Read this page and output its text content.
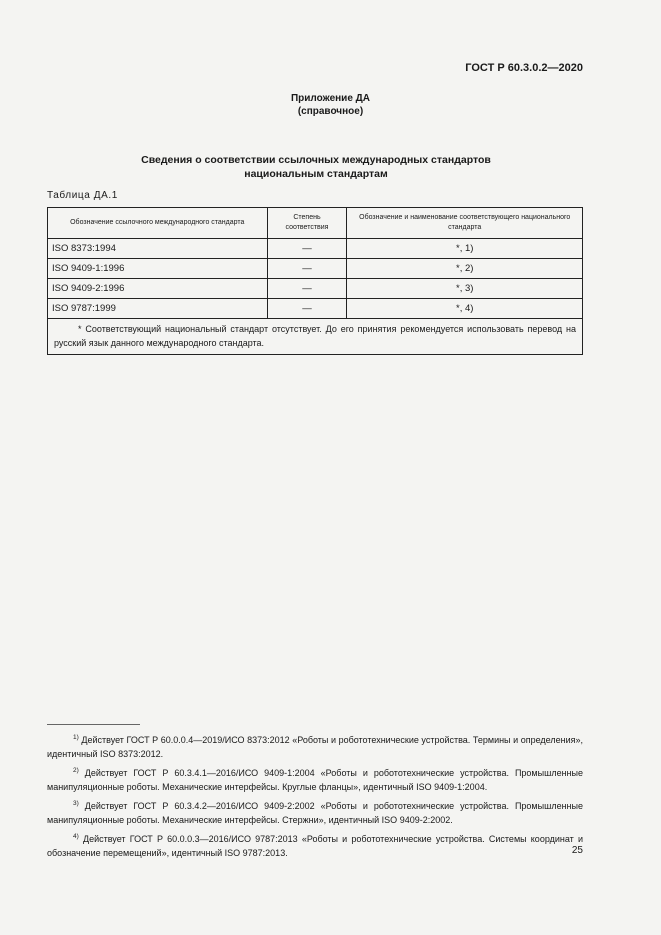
ГОСТ Р 60.3.0.2—2020
Приложение ДА
(справочное)
Сведения о соответствии ссылочных международных стандартов
национальным стандартам
Таблица ДА.1
Обозначение ссылочного международного стандарта	Степень соответствия	Обозначение и наименование соответствующего национального стандарта
ISO 8373:1994	—	*, 1)
ISO 9409-1:1996	—	*, 2)
ISO 9409-2:1996	—	*, 3)
ISO 9787:1999	—	*, 4)
* Соответствующий национальный стандарт отсутствует. До его принятия рекомендуется использовать перевод на русский язык данного международного стандарта.		

$^{1)}$ Действует ГОСТ Р 60.0.0.4—2019/ИСО 8373:2012 «Роботы и робототехнические устройства. Термины и определения», идентичный ISO 8373:2012.

$^{2)}$ Действует ГОСТ Р 60.3.4.1—2016/ИСО 9409-1:2004 «Роботы и робототехнические устройства. Промышленные манипуляционные роботы. Механические интерфейсы. Круглые фланцы», идентичный ISO 9409-1:2004.

$^{3)}$ Действует ГОСТ Р 60.3.4.2—2016/ИСО 9409-2:2002 «Роботы и робототехнические устройства. Промышленные манипуляционные роботы. Механические интерфейсы. Стержни», идентичный ISO 9409-2:2002.

$^{4)}$ Действует ГОСТ Р 60.0.0.3—2016/ИСО 9787:2013 «Роботы и робототехнические устройства. Системы координат и обозначение перемещений», идентичный ISO 9787:2013.	25
